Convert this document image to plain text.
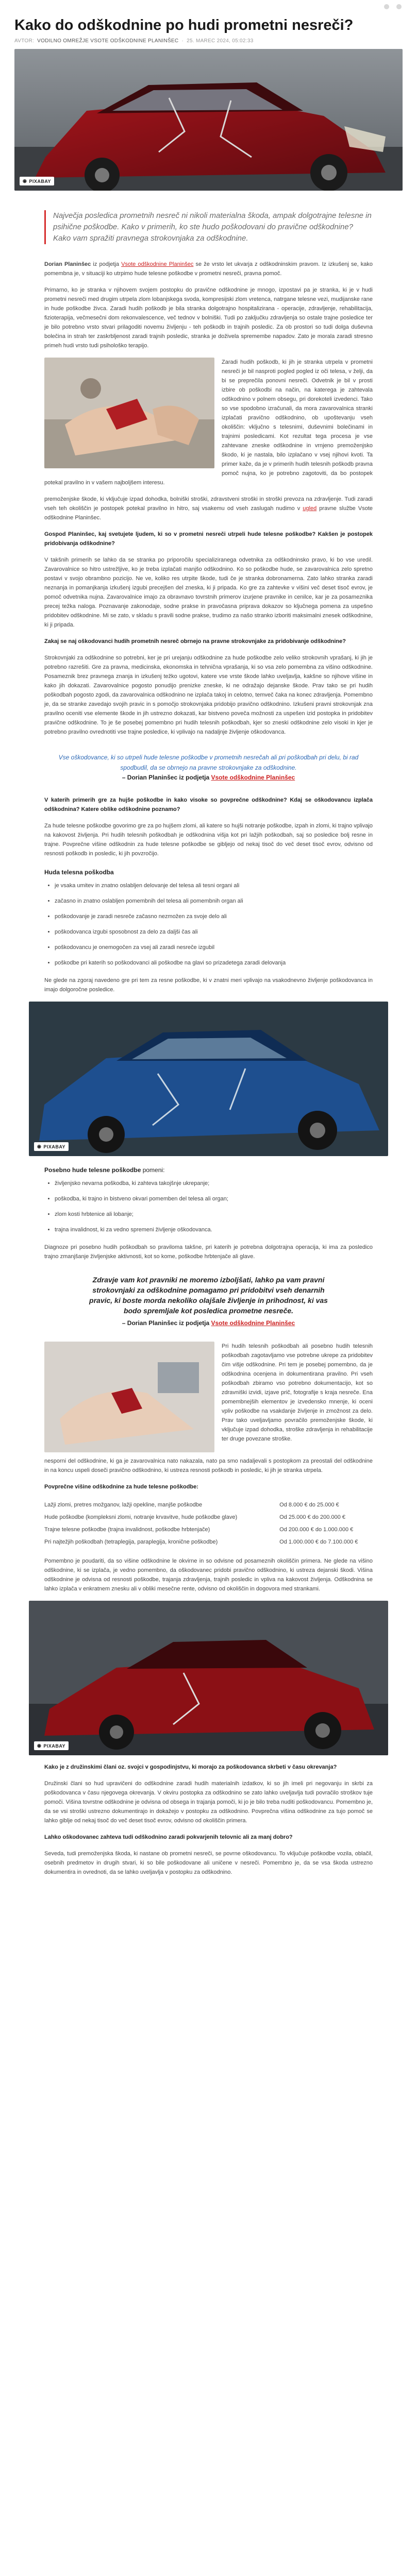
Kako do odškodnine po hudi prometni nesreči?
AVTOR: VODILNO OMREŽJE VSOTE ODŠKODNINE PLANINŠEC · 25. MAREC 2024, 05:02:33
◉ PIXABAY
Največja posledica prometnih nesreč ni nikoli materialna škoda, ampak dolgotrajne telesne in psihične poškodbe. Kako v primerih, ko ste hudo poškodovani do pravične odškodnine? Kako vam spražiti pravnega strokovnjaka za odškodnine.

Dorian Planinšec iz podjetja Vsote odškodnine Planinšec se že vrsto let ukvarja z odškodninskim pravom. Iz izkušenj se, kako pomembna je, v situaciji ko utrpimo hude telesne poškodbe v prometni nesreči, pravna pomoč.

Primarno, ko je stranka v njihovem svojem postopku do pravične odškodnine je mnogo, izpostavi pa je stranka, ki je v hudi prometni nesreči med drugim utrpela zlom lobanjskega svoda, kompresijski zlom vretenca, natrgane telesne vezi, mudijanske rane in hude poškodbe živca. Zaradi hudih poškodb je bila stranka dolgotrajno hospitalizirana - operacije, zdravljenje, rehabilitacija, fizioterapija, večmesečni dom rekonvalescence, več tednov v bolniški. Tudi po zaključku zdravljenja so ostale trajne posledice ter je bilo potrebno vrsto stvari prilagoditi novemu življenju - teh poškodb in trajnih posledic. Za ob prostori so tudi dolga duševna bolečina in strah ter zaskrbljenost zaradi trajnih posledic, stranka je doživela spremembe napadov. Zato je morala zaradi stresno primeh hudi vrsto tudi psihološko terapijo.

Zaradi hudih poškodb, ki jih je stranka utrpela v prometni nesreči je bil nasproti pogled pogled iz oči telesa, v želji, da bi se preprečila ponovni nesreči. Odvetnik je bil v prosti izbire ob poškodbi na način, na katerega je zahtevala odškodnino v polnem obsegu, pri dorekoteli izvedenci. Tako so vse spodobno izračunali, da mora zavarovalnica stranki izplačati pravično odškodnino, ob upoštevanju vseh okoliščin: vključno s telesnimi, duševnimi bolečinami in trajnimi posledicami. Kot rezultat tega procesa je vse zahtevane zneske odškodnine in vrnjeno premoženjsko škodo, ki je nastala, bilo izplačano v vsej njihovi kvoti. Ta primer kaže, da je v primerih hudih telesnih poškodb pravna pomoč nujna, ko je potrebno zagotoviti, da bo postopek potekal pravilno in v vašem najboljšem interesu.

premoženjske škode, ki vključuje izpad dohodka, bolniški stroški, zdravstveni stroški in stroški prevoza na zdravljenje. Tudi zaradi vseh teh okoliščin je postopek potekal pravilno in hitro, saj vsakemu od vseh zaslugah nudimo v ugled pravne službe Vsote odškodnine Planinšec.

Gospod Planinšec, kaj svetujete ljudem, ki so v prometni nesreči utrpeli hude telesne poškodbe? Kakšen je postopek pridobivanja odškodnine?

V takšnih primerih se lahko da se stranka po priporočilu specializiranega odvetnika za odškodninsko pravo, ki bo vse uredil. Zavarovalnice so hitro ustrežljive, ko je treba izplačati manjšo odškodnino. Ko so poškodbe hude, se zavarovalnica zelo spretno postavi v svojo obrambno pozicijo. Ne ve, koliko res utrpite škode, tudi če je stranka dobronamerna. Zato lahko stranka zaradi neznanja in pomanjkanja izkušenj izgubi precejšen del zneska, ki ji pripada. Ko gre za zahtevke v višini več deset tisoč evrov, je pomoč odvetnika nujna. Zavarovalnice imajo za obravnavo tovrstnih primerov izurjene pravnike in cenilce, kar je za posameznika precej težka naloga. Poznavanje zakonodaje, sodne prakse in pravočasna priprava dokazov so ključnega pomena za uspešno pridobitev odškodnine. Mi se zato, v skladu s pravili sodne prakse, trudimo za našo stranko izboriti maksimalni znesek odškodnine, ki ji pripada.

Zakaj se naj oškodovanci hudih prometnih nesreč obrnejo na pravne strokovnjake za pridobivanje odškodnine?

Strokovnjaki za odškodnine so potrebni, ker je pri urejanju odškodnine za hude poškodbe zelo veliko strokovnih vprašanj, ki jih je potrebno razrešiti. Gre za pravna, medicinska, ekonomska in tehnična vprašanja, ki so vsa zelo pomembna za višino odškodnine. Posameznik brez pravnega znanja in izkušenj težko ugotovi, katere vse vrste škode lahko uveljavlja, kakšne so njihove višine in kako jih dokazati. Zavarovalnice pogosto ponudijo prenizke zneske, ki ne odražajo dejanske škode. Prav tako se pri hudih poškodbah pogosto zgodi, da zavarovalnica odškodnino ne izplača takoj in celotno, temveč čaka na konec zdravljenja. Pomembno je, da se stranke zavedajo svojih pravic in s pomočjo strokovnjaka pridobijo pravično odškodnino. Izkušeni pravni strokovnjak zna pravilno oceniti vse elemente škode in jih ustrezno dokazati, kar bistveno poveča možnosti za uspešen izid postopka in pridobitev pravične odškodnine. To je še posebej pomembno pri hudih telesnih poškodbah, kjer so zneski odškodnine zelo visoki in kjer je potrebno pravilno ovrednotiti vse trajne posledice, ki vplivajo na nadaljnje življenje oškodovanca.

Vse oškodovance, ki so utrpeli hude telesne poškodbe v prometnih nesrečah ali pri poškodbah pri delu, bi rad spodbudil, da se obrnejo na pravne strokovnjake za odškodnine.
– Dorian Planinšec iz podjetja Vsote odškodnine Planinšec

V katerih primerih gre za hujše poškodbe in kako visoke so povprečne odškodnine? Kdaj se oškodovancu izplača odškodnina? Katere oblike odškodnine poznamo?

Za hude telesne poškodbe govorimo gre za po hujšem zlomi, ali katere so hujši notranje poškodbe, izpah in zlomi, ki trajno vplivajo na kakovost življenja. Pri hudih telesnih poškodbah je odškodnina višja kot pri lažjih poškodbah, saj so posledice bolj resne in trajne. Povprečne višine odškodnin za hude telesne poškodbe se gibljejo od nekaj tisoč do več deset tisoč evrov, odvisno od resnosti poškodb in posledic, ki jih povzročijo.

Huda telesna poškodba
• je vsaka umitev in znatno oslabljen delovanje del telesa ali tesni organi ali
• začasno in znatno oslabljen pomembnih del telesa ali pomembnih organ ali
• poškodovanje je zaradi nesreče začasno nezmožen za svoje delo ali
• poškodovanca izgubi sposobnost za delo za daljši čas ali
• poškodovancu je onemogočen za vsej ali zaradi nesreče izgubil
• poškodbe pri katerih so poškodovanci ali poškodbe na glavi so prizadetega zaradi delovanja

Ne glede na zgoraj navedeno gre pri tem za resne poškodbe, ki v znatni meri vplivajo na vsakodnevno življenje poškodovanca in imajo dolgoročne posledice.

◉ PIXABAY
Posebno hude telesne poškodbe pomeni:
• življenjsko nevarna poškodba, ki zahteva takojšnje ukrepanje;
• poškodba, ki trajno in bistveno okvari pomemben del telesa ali organ;
• zlom kosti hrbtenice ali lobanje;
• trajna invalidnost, ki za vedno spremeni življenje oškodovanca.

Diagnoze pri posebno hudih poškodbah so praviloma takšne, pri katerih je potrebna dolgotrajna operacija, ki ima za posledico trajno zmanjšanje življenjske aktivnosti, kot so kome, poškodbe hrbtenjače ali glave.

Zdravje vam kot pravniki ne moremo izboljšati, lahko pa vam pravni strokovnjaki za odškodnine pomagamo pri pridobitvi vseh denarnih pravic, ki boste morda nekoliko olajšale življenje in prihodnost, ki vas bodo spremljale kot posledica prometne nesreče.
– Dorian Planinšec iz podjetja Vsote odškodnine Planinšec

Pri hudih telesnih poškodbah ali posebno hudih telesnih poškodbah zagotavljamo vse potrebne ukrepe za pridobitev čim višje odškodnine. Pri tem je posebej pomembno, da je odškodnina ocenjena in dokumentirana pravilno. Pri vseh poškodbah zbiramo vso potrebno dokumentacijo, kot so zdravniški izvidi, izjave prič, fotografije s kraja nesreče. Ena pomembnejših elementov je izvedensko mnenje, ki oceni vpliv poškodbe na vsakdanje življenje in zmožnost za delo. Prav tako uveljavljamo povračilo premoženjske škode, ki vključuje izpad dohodka, stroške zdravljenja in rehabilitacije ter druge povezane stroške.

nesporni del odškodnine, ki ga je zavarovalnica nato nakazala, nato pa smo nadaljevali s postopkom za preostali del odškodnine in na koncu uspeli doseči pravično odškodnino, ki ustreza resnosti poškodb in posledic, ki jih je stranka utrpela.

Povprečne višine odškodnine za hude telesne poškodbe:

Lažji zlomi, pretres možganov, lažji opekline, manjše poškodbe	Od 8.000 € do 25.000 €
Hude poškodbe (kompleksni zlomi, notranje krvavitve, hude poškodbe glave)	Od 25.000 € do 200.000 €
Trajne telesne poškodbe (trajna invalidnost, poškodbe hrbtenjače)	Od 200.000 € do 1.000.000 €
Pri najtežjih poškodbah (tetraplegija, paraplegija, kronične poškodbe)	Od 1.000.000 € do 7.100.000 €

Pomembno je poudariti, da so višine odškodnine le okvirne in so odvisne od posameznih okoliščin primera. Ne glede na višino odškodnine, ki se izplača, je vedno pomembno, da oškodovanec pridobi pravično odškodnino, ki ustreza dejanski škodi. Višina odškodnine je odvisna od resnosti poškodbe, trajanja zdravljenja, trajnih posledic in vpliva na kakovost življenja. Odškodnina se lahko izplača v enkratnem znesku ali v obliki mesečne rente, odvisno od okoliščin in dogovora med strankami.

◉ PIXABAY

Kako je z družinskimi člani oz. svojci v gospodinjstvu, ki morajo za poškodovanca skrbeti v času okrevanja?

Družinski člani so hud upravičeni do odškodnine zaradi hudih materialnih izdatkov, ki so jih imeli pri negovanju in skrbi za poškodovanca v času njegovega okrevanja. V okviru postopka za odškodnino se zato lahko uveljavlja tudi povračilo stroškov tuje pomoči. Višina tovrstne odškodnine je odvisna od obsega in trajanja pomoči, ki jo je bilo treba nuditi poškodovancu. Pomembno je, da se vsi stroški ustrezno dokumentirajo in dokažejo v postopku za odškodnino. Povprečna višina odškodnine za tujo pomoč se lahko giblje od nekaj tisoč do več deset tisoč evrov, odvisno od okoliščin primera.

Lahko oškodovanec zahteva tudi odškodnino zaradi pokvarjenih telovnic ali za manj dobro?

Seveda, tudi premoženjska škoda, ki nastane ob prometni nesreči, se povrne oškodovancu. To vključuje poškodbe vozila, oblačil, osebnih predmetov in drugih stvari, ki so bile poškodovane ali uničene v nesreči. Pomembno je, da se vsa škoda ustrezno dokumentira in ovrednoti, da se lahko uveljavlja v postopku za odškodnino.
